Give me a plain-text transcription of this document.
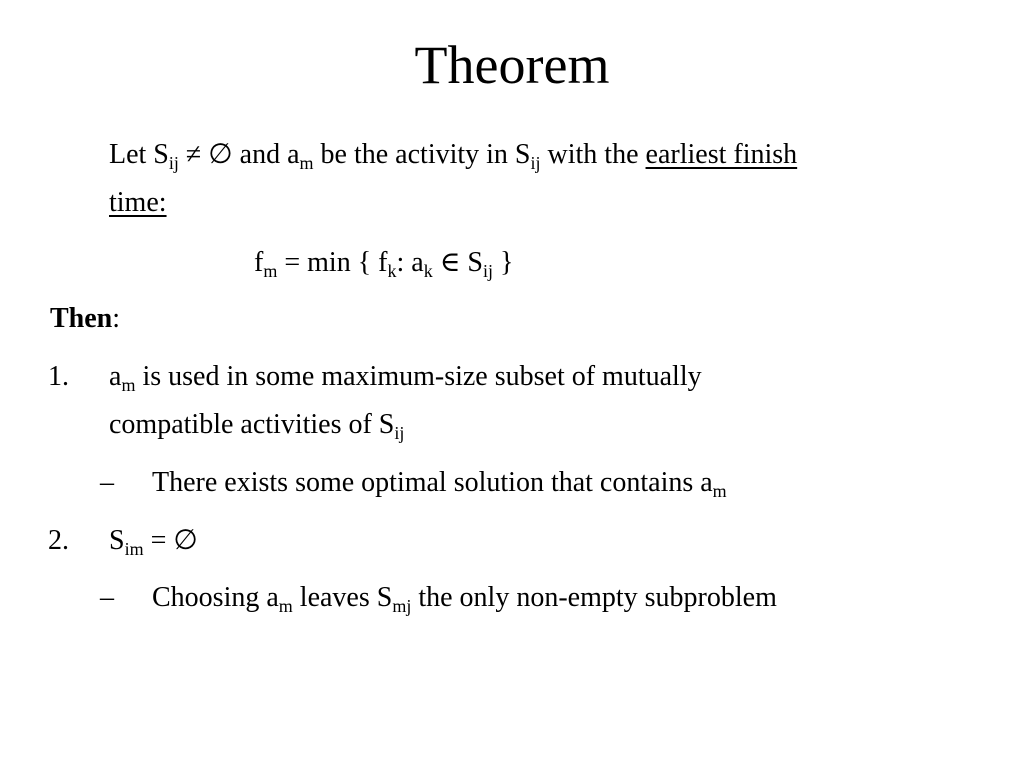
Theorem
Let $S_{ij}$ ≠ ∅ and $a_m$ be the activity in $S_{ij}$ with the earliest finish
time:
$f_m = \min$ { $f_k$: $a_k$ ∈ $S_{ij}$ }
Then:
1. $a_m$ is used in some maximum-size subset of mutually
compatible activities of $S_{ij}$
– There exists some optimal solution that contains $a_m$
2. $S_{im}$ = ∅
– Choosing $a_m$ leaves $S_{mj}$ the only non-empty subproblem
